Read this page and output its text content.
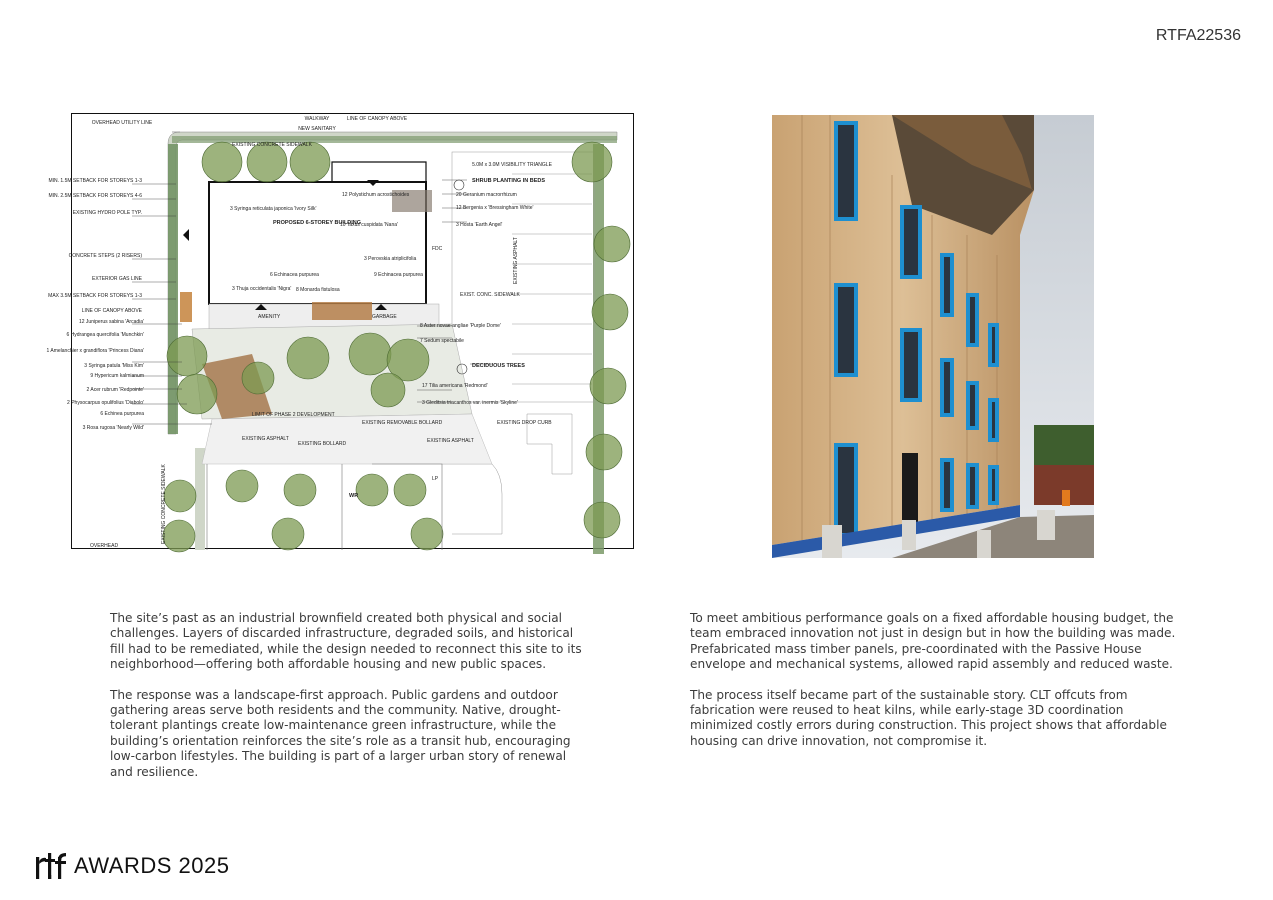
RTFA22536
OVERHEAD UTILITY LINE
WALKWAY
NEW SANITARY
EXISTING CONCRETE SIDEWALK
LINE OF CANOPY ABOVE
5.0M x 3.0M VISIBILITY TRIANGLE
MIN. 1.5M SETBACK FOR STOREYS 1-3
MIN. 2.5M SETBACK FOR STOREYS 4-6
EXISTING HYDRO POLE TYP.
CONCRETE STEPS (2 RISERS)
EXTERIOR GAS LINE
MAX 3.5M SETBACK FOR STOREYS 1-3
LINE OF CANOPY ABOVE
12 Juniperus sabina 'Arcadia'
6 Hydrangea quercifolia 'Munchkin'
1 Amelanchier x grandiflora 'Princess Diana'
3 Syringa patula 'Miss Kim'
9 Hypericum kalmianum
2 Acer rubrum 'Redpointe'
2 Physocarpus opulifolius 'Diabolo'
6 Echinea purpurea
3 Rosa rugosa 'Nearly Wild'
3 Syringa reticulata japonica 'Ivory Silk'
12 Polystichum acrostichoides
10 Taxus cuspidata 'Nana'
SHRUB PLANTING IN BEDS
20 Geranium macrorrhizum
12 Bergenia x 'Bressingham White'
3 Hosta 'Earth Angel'
PROPOSED 6-STOREY BUILDING
3 Perovskia atriplicifolia
6 Echinacea purpurea	9 Echinacea purpurea
3 Thuja occidentalis 'Nigra' 8 Monarda fistulosa
AMENITY	GARBAGE
FDC	EXISTING ASPHALT
EXIST. CONC. SIDEWALK
8 Aster novae-angliae 'Purple Dome'
7 Sedum spectabile
DECIDUOUS TREES
17 Tilia americana 'Redmond'
3 Gleditsia triacanthos var. inermis 'Skyline'
EXISTING DROP CURB
EXISTING ASPHALT
EXISTING BOLLARD
EXISTING REMOVABLE BOLLARD
EXISTING ASPHALT
LIMIT OF PHASE 2 DEVELOPMENT
EXISTING CONCRETE SIDEWALK
OVERHEAD
WR
LP

The site’s past as an industrial brownfield created both physical and social challenges. Layers of discarded infrastructure, degraded soils, and historical fill had to be remediated, while the design needed to reconnect this site to its neighborhood—offering both affordable housing and new public spaces.

The response was a landscape-first approach. Public gardens and outdoor gathering areas serve both residents and the community. Native, drought-tolerant plantings create low-maintenance green infrastructure, while the building’s orientation reinforces the site’s role as a transit hub, encouraging low-carbon lifestyles. The building is part of a larger urban story of renewal and resilience.

To meet ambitious performance goals on a fixed affordable housing budget, the team embraced innovation not just in design but in how the building was made. Prefabricated mass timber panels, pre-coordinated with the Passive House envelope and mechanical systems, allowed rapid assembly and reduced waste.

The process itself became part of the sustainable story. CLT offcuts from fabrication were reused to heat kilns, while early-stage 3D coordination minimized costly errors during construction. This project shows that affordable housing can drive innovation, not compromise it.

AWARDS 2025
